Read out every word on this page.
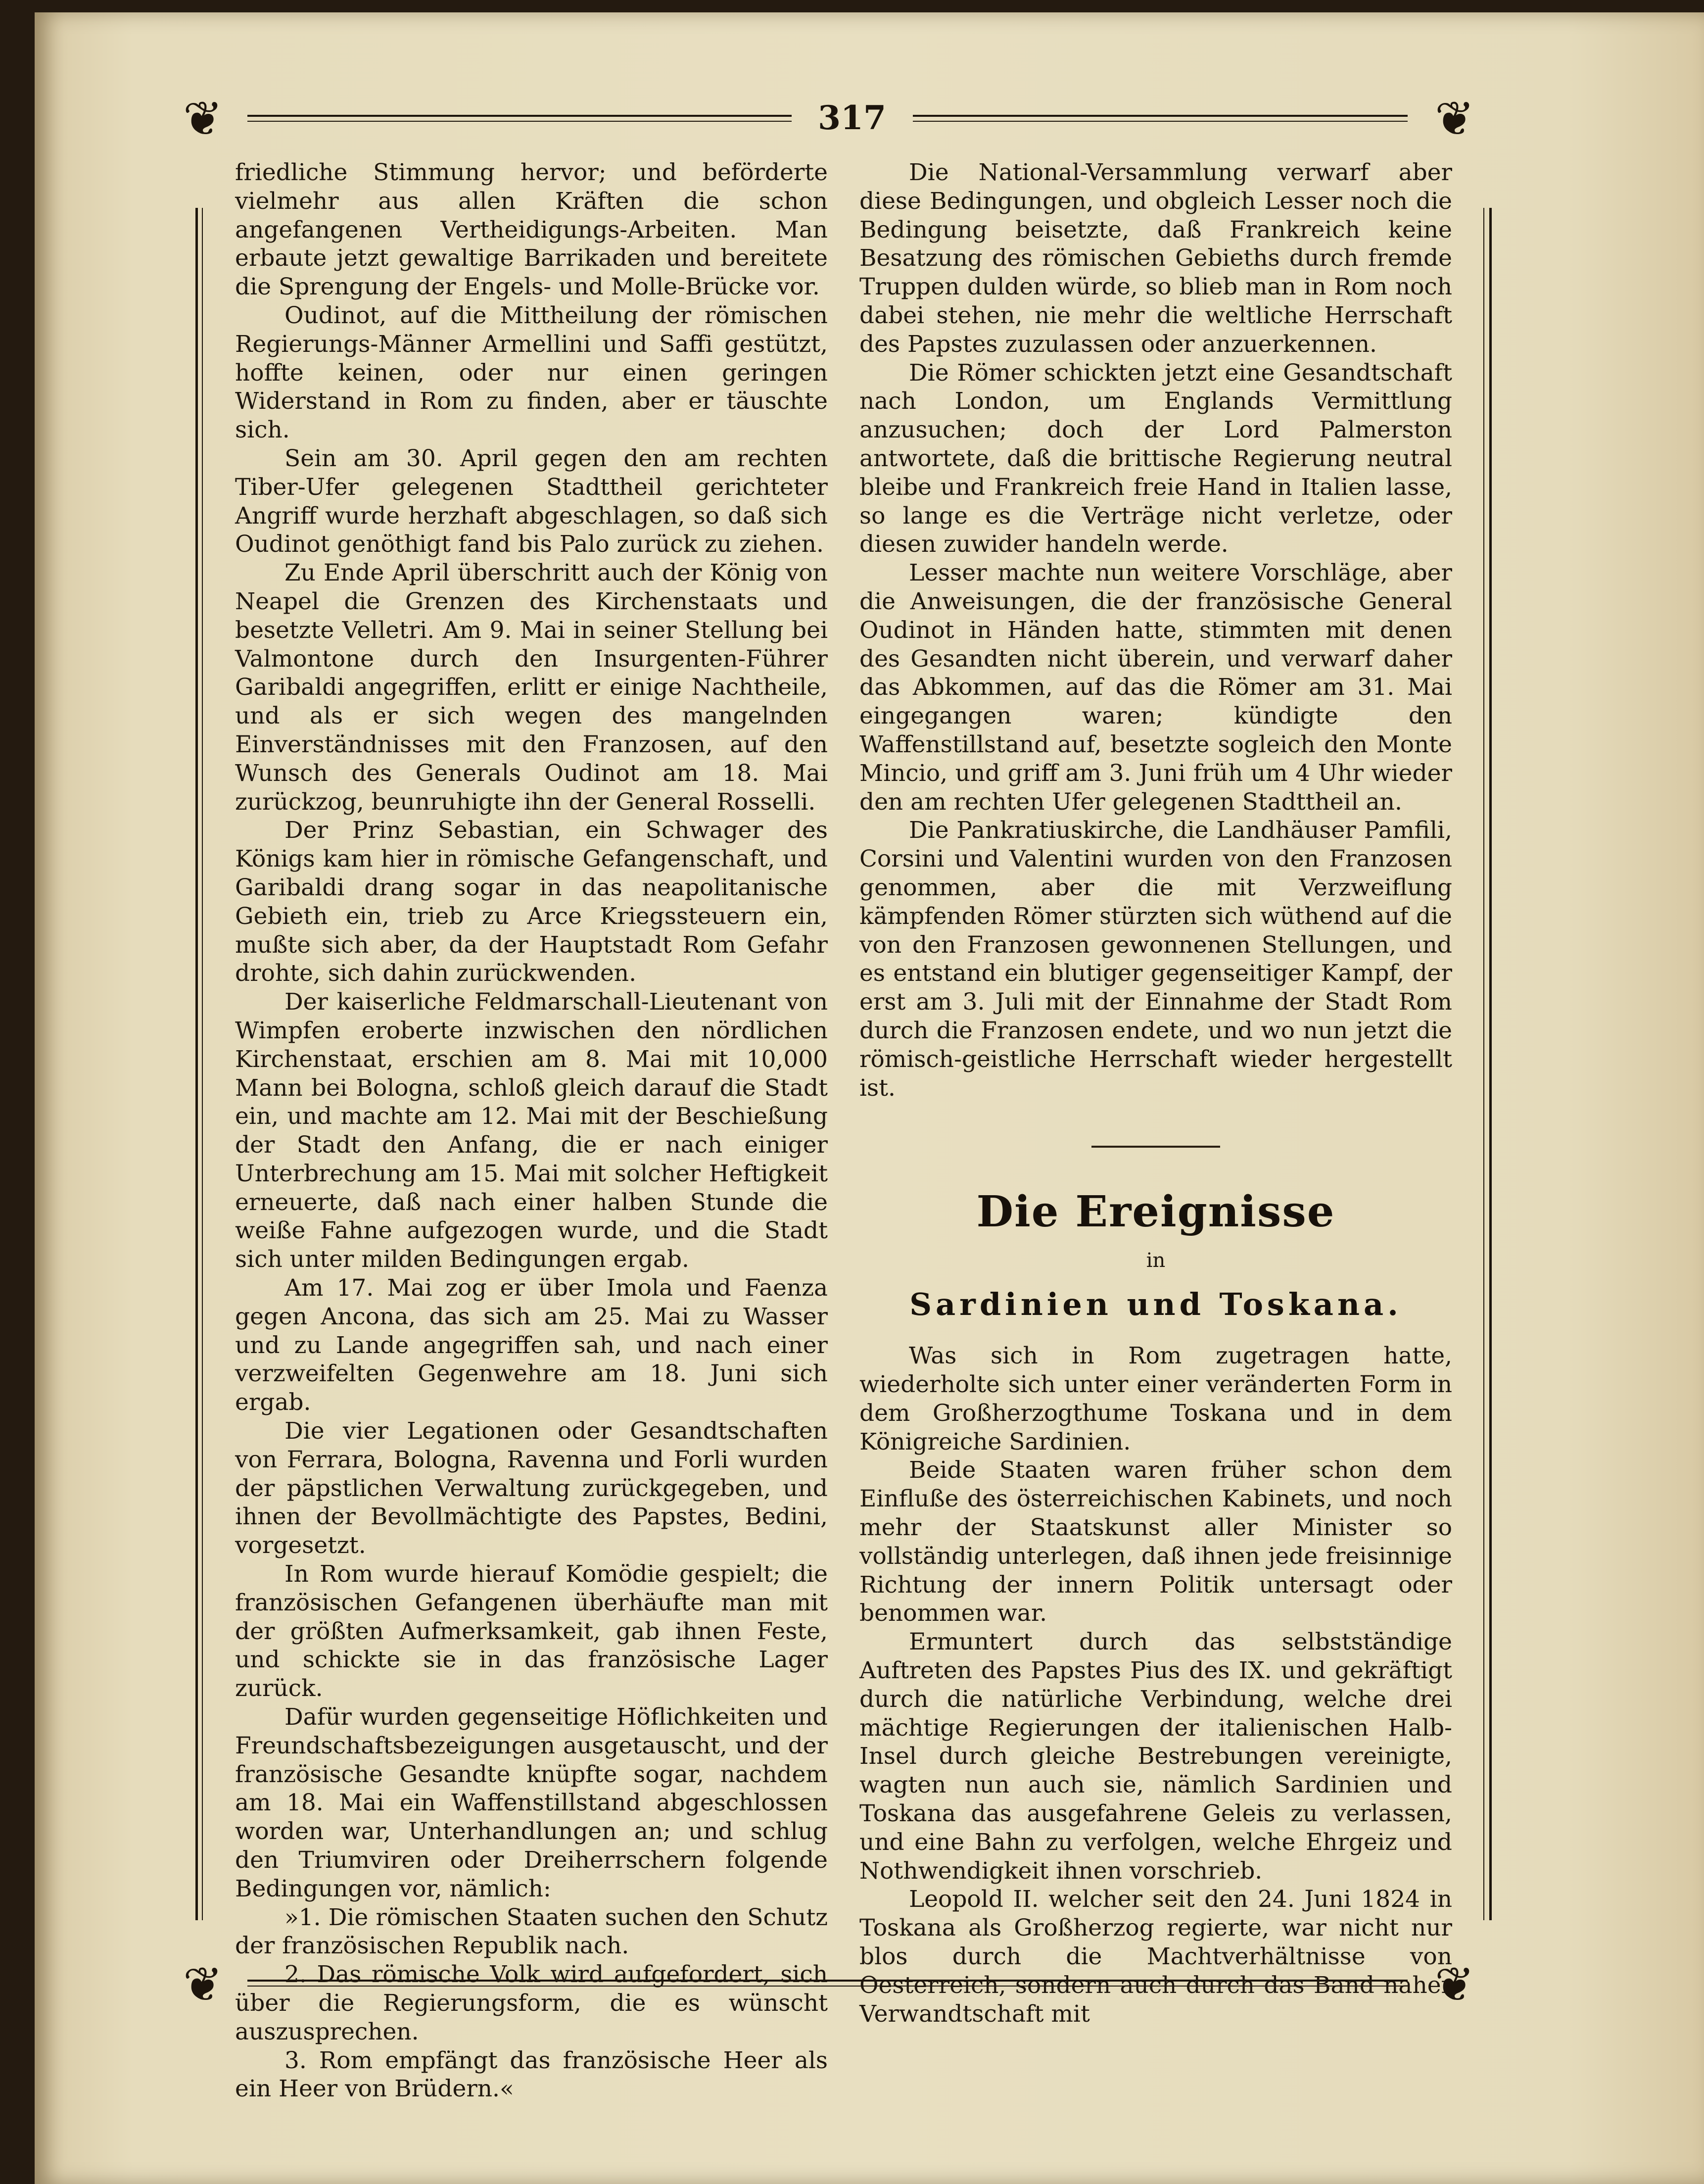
❦	❦
❦	❦
317

friedliche Stimmung hervor; und beförderte vielmehr aus allen Kräften die schon angefangenen Vertheidigungs-Arbeiten. Man erbaute jetzt gewaltige Barrikaden und bereitete die Sprengung der Engels- und Molle-Brücke vor.

Oudinot, auf die Mittheilung der römischen Regierungs-Männer Armellini und Saffi gestützt, hoffte keinen, oder nur einen geringen Widerstand in Rom zu finden, aber er täuschte sich.

Sein am 30. April gegen den am rechten Tiber-Ufer gelegenen Stadttheil gerichteter Angriff wurde herzhaft abgeschlagen, so daß sich Oudinot genöthigt fand bis Palo zurück zu ziehen.

Zu Ende April überschritt auch der König von Neapel die Grenzen des Kirchenstaats und besetzte Velletri. Am 9. Mai in seiner Stellung bei Valmontone durch den Insurgenten-Führer Garibaldi angegriffen, erlitt er einige Nachtheile, und als er sich wegen des mangelnden Einverständnisses mit den Franzosen, auf den Wunsch des Generals Oudinot am 18. Mai zurückzog, beunruhigte ihn der General Rosselli.

Der Prinz Sebastian, ein Schwager des Königs kam hier in römische Gefangenschaft, und Garibaldi drang sogar in das neapolitanische Gebieth ein, trieb zu Arce Kriegssteuern ein, mußte sich aber, da der Hauptstadt Rom Gefahr drohte, sich dahin zurückwenden.

Der kaiserliche Feldmarschall-Lieutenant von Wimpfen eroberte inzwischen den nördlichen Kirchenstaat, erschien am 8. Mai mit 10,000 Mann bei Bologna, schloß gleich darauf die Stadt ein, und machte am 12. Mai mit der Beschießung der Stadt den Anfang, die er nach einiger Unterbrechung am 15. Mai mit solcher Heftigkeit erneuerte, daß nach einer halben Stunde die weiße Fahne aufgezogen wurde, und die Stadt sich unter milden Bedingungen ergab.

Am 17. Mai zog er über Imola und Faenza gegen Ancona, das sich am 25. Mai zu Wasser und zu Lande angegriffen sah, und nach einer verzweifelten Gegenwehre am 18. Juni sich ergab.

Die vier Legationen oder Gesandtschaften von Ferrara, Bologna, Ravenna und Forli wurden der päpstlichen Verwaltung zurückgegeben, und ihnen der Bevollmächtigte des Papstes, Bedini, vorgesetzt.

In Rom wurde hierauf Komödie gespielt; die französischen Gefangenen überhäufte man mit der größten Aufmerksamkeit, gab ihnen Feste, und schickte sie in das französische Lager zurück.

Dafür wurden gegenseitige Höflichkeiten und Freundschaftsbezeigungen ausgetauscht, und der französische Gesandte knüpfte sogar, nachdem am 18. Mai ein Waffenstillstand abgeschlossen worden war, Unterhandlungen an; und schlug den Triumviren oder Dreiherrschern folgende Bedingungen vor, nämlich:

»1. Die römischen Staaten suchen den Schutz der französischen Republik nach.

2. Das römische Volk wird aufgefordert, sich über die Regierungsform, die es wünscht auszusprechen.

3. Rom empfängt das französische Heer als ein Heer von Brüdern.«

Die National-Versammlung verwarf aber diese Bedingungen, und obgleich Lesser noch die Bedingung beisetzte, daß Frankreich keine Besatzung des römischen Gebieths durch fremde Truppen dulden würde, so blieb man in Rom noch dabei stehen, nie mehr die weltliche Herrschaft des Papstes zuzulassen oder anzuerkennen.

Die Römer schickten jetzt eine Gesandtschaft nach London, um Englands Vermittlung anzusuchen; doch der Lord Palmerston antwortete, daß die brittische Regierung neutral bleibe und Frankreich freie Hand in Italien lasse, so lange es die Verträge nicht verletze, oder diesen zuwider handeln werde.

Lesser machte nun weitere Vorschläge, aber die Anweisungen, die der französische General Oudinot in Händen hatte, stimmten mit denen des Gesandten nicht überein, und verwarf daher das Abkommen, auf das die Römer am 31. Mai eingegangen waren; kündigte den Waffenstillstand auf, besetzte sogleich den Monte Mincio, und griff am 3. Juni früh um 4 Uhr wieder den am rechten Ufer gelegenen Stadttheil an.

Die Pankratiuskirche, die Landhäuser Pamfili, Corsini und Valentini wurden von den Franzosen genommen, aber die mit Verzweiflung kämpfenden Römer stürzten sich wüthend auf die von den Franzosen gewonnenen Stellungen, und es entstand ein blutiger gegenseitiger Kampf, der erst am 3. Juli mit der Einnahme der Stadt Rom durch die Franzosen endete, und wo nun jetzt die römisch-geistliche Herrschaft wieder hergestellt ist.

Die Ereignisse
in
Sardinien und Toskana.

Was sich in Rom zugetragen hatte, wiederholte sich unter einer veränderten Form in dem Großherzogthume Toskana und in dem Königreiche Sardinien.

Beide Staaten waren früher schon dem Einfluße des österreichischen Kabinets, und noch mehr der Staatskunst aller Minister so vollständig unterlegen, daß ihnen jede freisinnige Richtung der innern Politik untersagt oder benommen war.

Ermuntert durch das selbstständige Auftreten des Papstes Pius des IX. und gekräftigt durch die natürliche Verbindung, welche drei mächtige Regierungen der italienischen Halb-Insel durch gleiche Bestrebungen vereinigte, wagten nun auch sie, nämlich Sardinien und Toskana das ausgefahrene Geleis zu verlassen, und eine Bahn zu verfolgen, welche Ehrgeiz und Nothwendigkeit ihnen vorschrieb.

Leopold II. welcher seit den 24. Juni 1824 in Toskana als Großherzog regierte, war nicht nur blos durch die Machtverhältnisse von Oesterreich, sondern auch durch das Band naher Verwandtschaft mit
